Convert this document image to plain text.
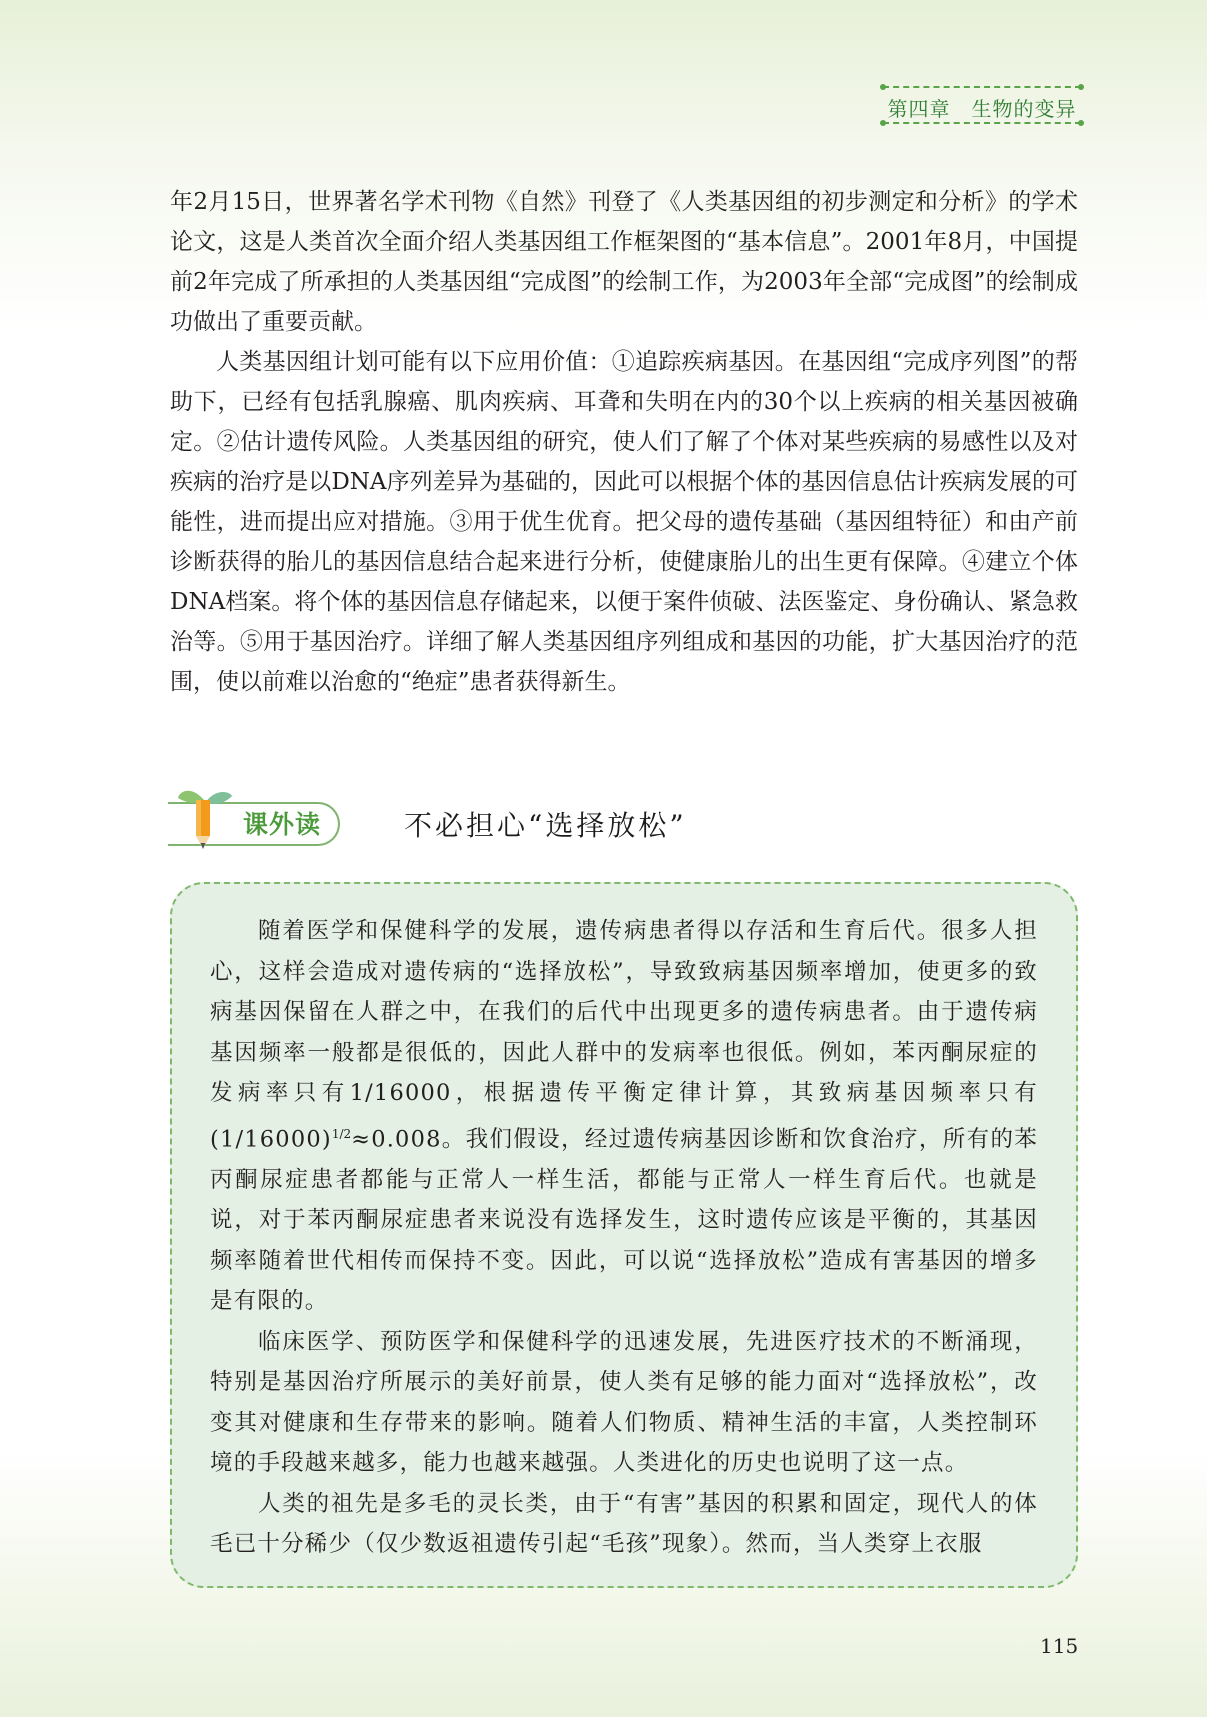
第四章　生物的变异

年2月15日，世界著名学术刊物《自然》刊登了《人类基因组的初步测定和分析》的学术论文，这是人类首次全面介绍人类基因组工作框架图的“基本信息”。2001年8月，中国提前2年完成了所承担的人类基因组“完成图”的绘制工作，为2003年全部“完成图”的绘制成功做出了重要贡献。

人类基因组计划可能有以下应用价值：①追踪疾病基因。在基因组“完成序列图”的帮助下，已经有包括乳腺癌、肌肉疾病、耳聋和失明在内的30个以上疾病的相关基因被确定。②估计遗传风险。人类基因组的研究，使人们了解了个体对某些疾病的易感性以及对疾病的治疗是以DNA序列差异为基础的，因此可以根据个体的基因信息估计疾病发展的可能性，进而提出应对措施。③用于优生优育。把父母的遗传基础（基因组特征）和由产前诊断获得的胎儿的基因信息结合起来进行分析，使健康胎儿的出生更有保障。④建立个体DNA档案。将个体的基因信息存储起来，以便于案件侦破、法医鉴定、身份确认、紧急救治等。⑤用于基因治疗。详细了解人类基因组序列组成和基因的功能，扩大基因治疗的范围，使以前难以治愈的“绝症”患者获得新生。

课外读	不必担心“选择放松”

随着医学和保健科学的发展，遗传病患者得以存活和生育后代。很多人担心，这样会造成对遗传病的“选择放松”，导致致病基因频率增加，使更多的致病基因保留在人群之中，在我们的后代中出现更多的遗传病患者。由于遗传病基因频率一般都是很低的，因此人群中的发病率也很低。例如，苯丙酮尿症的发病率只有1/16000，根据遗传平衡定律计算，其致病基因频率只有$(1/16000)^{1/2}\approx 0.008$。我们假设，经过遗传病基因诊断和饮食治疗，所有的苯丙酮尿症患者都能与正常人一样生活，都能与正常人一样生育后代。也就是说，对于苯丙酮尿症患者来说没有选择发生，这时遗传应该是平衡的，其基因频率随着世代相传而保持不变。因此，可以说“选择放松”造成有害基因的增多是有限的。

临床医学、预防医学和保健科学的迅速发展，先进医疗技术的不断涌现，特别是基因治疗所展示的美好前景，使人类有足够的能力面对“选择放松”，改变其对健康和生存带来的影响。随着人们物质、精神生活的丰富，人类控制环境的手段越来越多，能力也越来越强。人类进化的历史也说明了这一点。

人类的祖先是多毛的灵长类，由于“有害”基因的积累和固定，现代人的体毛已十分稀少（仅少数返祖遗传引起“毛孩”现象）。然而，当人类穿上衣服

115
